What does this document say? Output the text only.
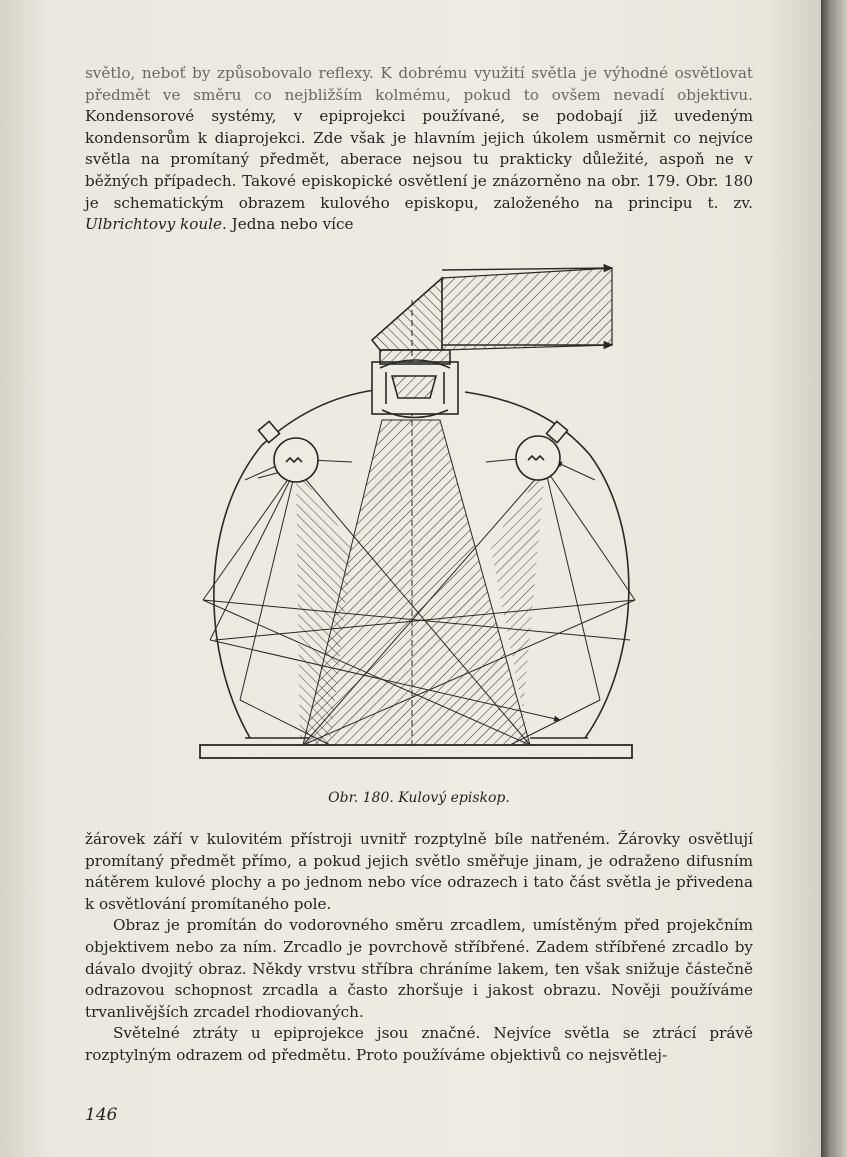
světlo, neboť by způsobovalo reflexy. K dobrému využití světla je výhodné osvětlovat předmět ve směru co nejbližším kolmému, pokud to ovšem nevadí objektivu. Kondensorové systémy, v epiprojekci používané, se podobají již uvedeným kondensorům k diaprojekci. Zde však je hlavním jejich úkolem usměrnit co nejvíce světla na promítaný předmět, aberace nejsou tu prakticky důležité, aspoň ne v běžných případech. Takové episkopické osvětlení je znázorněno na obr. 179. Obr. 180 je schematickým obrazem kulového episkopu, založeného na principu t. zv. Ulbrichtovy koule. Jedna nebo více

Obr. 180. Kulový episkop.

žárovek září v kulovitém přístroji uvnitř rozptylně bíle natřeném. Žárovky osvětlují promítaný předmět přímo, a pokud jejich světlo směřuje jinam, je odraženo difusním nátěrem kulové plochy a po jednom nebo více odrazech i tato část světla je přivedena k osvětlování promítaného pole.

Obraz je promítán do vodorovného směru zrcadlem, umístěným před projekčním objektivem nebo za ním. Zrcadlo je povrchově stříbřené. Zadem stříbřené zrcadlo by dávalo dvojitý obraz. Někdy vrstvu stříbra chráníme lakem, ten však snižuje částečně odrazovou schopnost zrcadla a často zhoršuje i jakost obrazu. Nověji používáme trvanlivějších zrcadel rhodiovaných.

Světelné ztráty u epiprojekce jsou značné. Nejvíce světla se ztrácí právě rozptylným odrazem od předmětu. Proto používáme objektivů co nejsvětlej-

146
